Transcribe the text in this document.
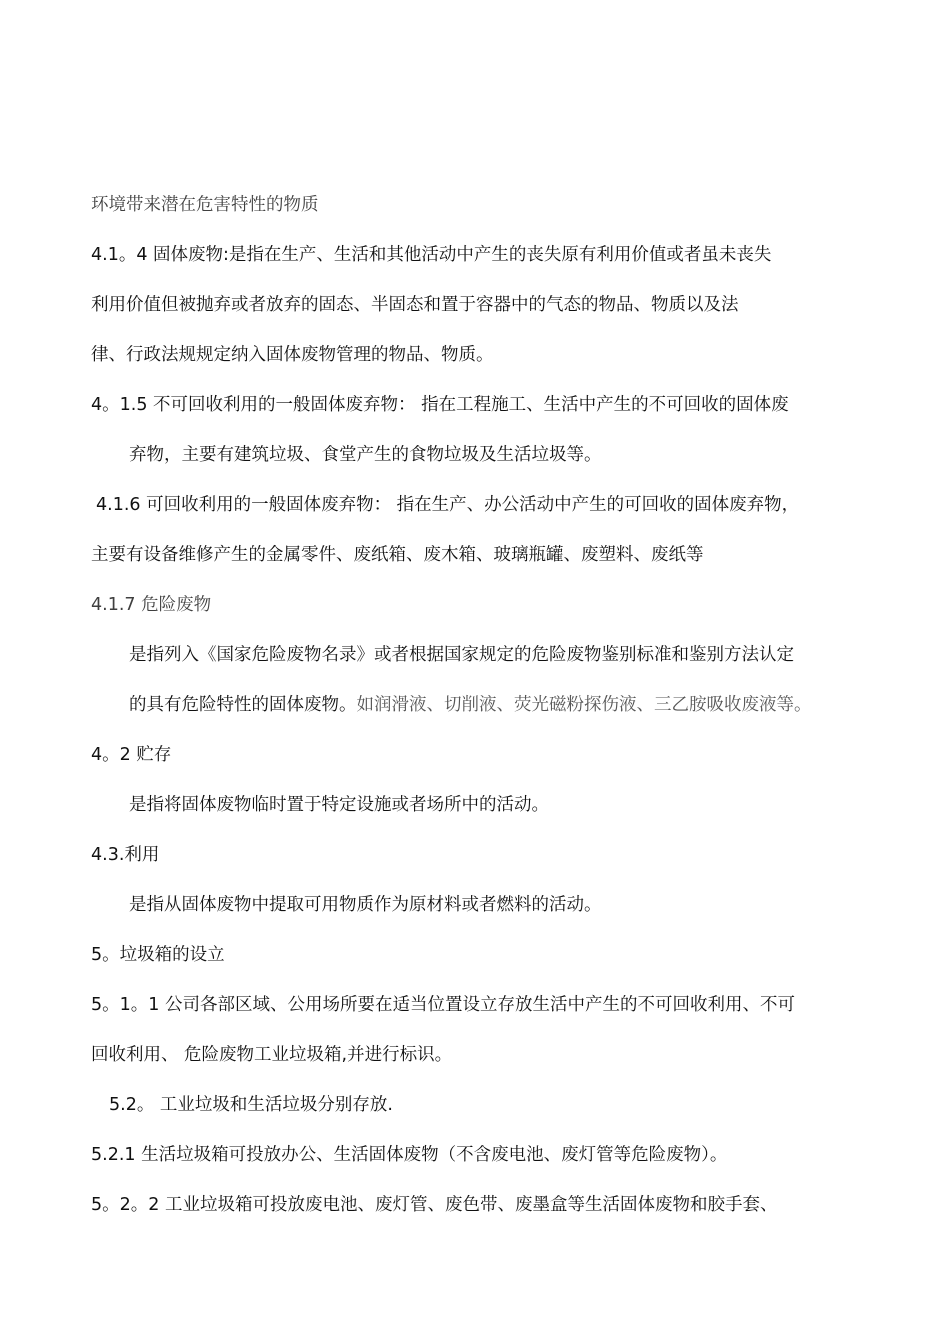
环境带来潜在危害特性的物质
4.1。4 固体废物:是指在生产、生活和其他活动中产生的丧失原有利用价值或者虽未丧失
利用价值但被抛弃或者放弃的固态、半固态和置于容器中的气态的物品、物质以及法
律、行政法规规定纳入固体废物管理的物品、物质。
4。1.5 不可回收利用的一般固体废弃物： 指在工程施工、生活中产生的不可回收的固体废
弃物，主要有建筑垃圾、食堂产生的食物垃圾及生活垃圾等。
4.1.6 可回收利用的一般固体废弃物： 指在生产、办公活动中产生的可回收的固体废弃物，
主要有设备维修产生的金属零件、废纸箱、废木箱、玻璃瓶罐、废塑料、废纸等
4.1.7 危险废物
是指列入《国家危险废物名录》或者根据国家规定的危险废物鉴别标准和鉴别方法认定
的具有危险特性的固体废物。如润滑液、切削液、荧光磁粉探伤液、三乙胺吸收废液等。
4。2 贮存
是指将固体废物临时置于特定设施或者场所中的活动。
4.3.利用
是指从固体废物中提取可用物质作为原材料或者燃料的活动。
5。垃圾箱的设立
5。1。1 公司各部区域、公用场所要在适当位置设立存放生活中产生的不可回收利用、不可
回收利用、 危险废物工业垃圾箱,并进行标识。
5.2。 工业垃圾和生活垃圾分别存放.
5.2.1 生活垃圾箱可投放办公、生活固体废物（不含废电池、废灯管等危险废物）。
5。2。2 工业垃圾箱可投放废电池、废灯管、废色带、废墨盒等生活固体废物和胶手套、
